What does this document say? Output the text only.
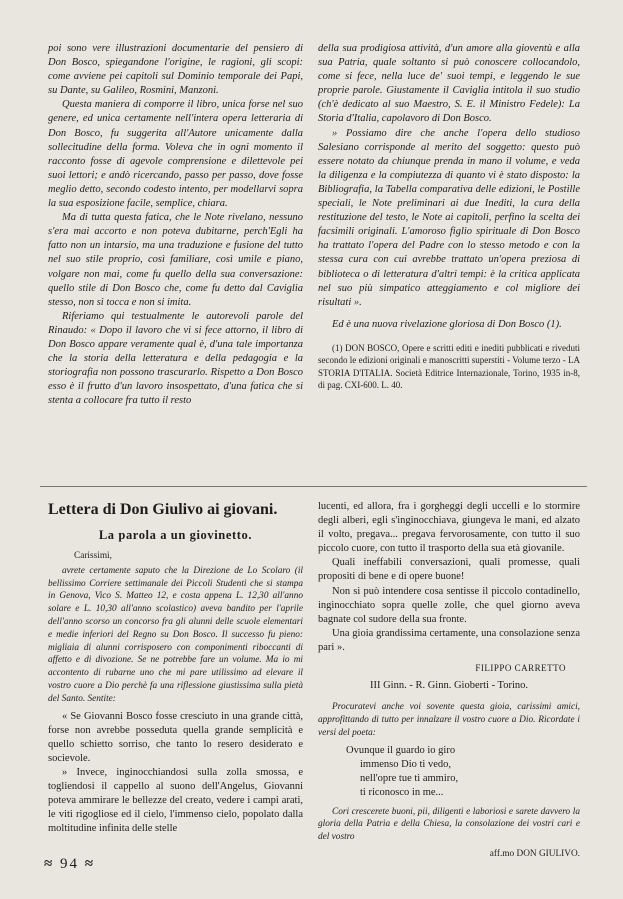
poi sono vere illustrazioni documentarie del pensiero di Don Bosco, spiegandone l'origine, le ragioni, gli scopi: come avviene pei capitoli sul Dominio temporale dei Papi, su Dante, su Galileo, Rosmini, Manzoni.

Questa maniera di comporre il libro, unica forse nel suo genere, ed unica certamente nell'intera opera letteraria di Don Bosco, fu suggerita all'Autore unicamente dalla sollecitudine della forma. Voleva che in ogni momento il racconto fosse di agevole comprensione e dilettevole pei suoi lettori; e andò ricercando, passo per passo, dove fosse meglio detto, secondo codesto intento, per modellarvi sopra la sua esposizione facile, semplice, chiara.

Ma di tutta questa fatica, che le Note rivelano, nessuno s'era mai accorto e non poteva dubitarne, perch'Egli ha fatto non un intarsio, ma una traduzione e fusione del tutto nel suo stile proprio, così familiare, così umile e piano, volgare non mai, come fu quello della sua conversazione: quello stile di Don Bosco che, come fu detto dal Caviglia stesso, non si tocca e non si imita.

Riferiamo qui testualmente le autorevoli parole del Rinaudo: « Dopo il lavoro che vi si fece attorno, il libro di Don Bosco appare veramente qual è, d'una tale importanza che la storia della letteratura e della pedagogia e la storiografia non possono trascurarlo. Rispetto a Don Bosco esso è il frutto d'un lavoro insospettato, d'una fatica che si stenta a collocare fra tutto il resto

della sua prodigiosa attività, d'un amore alla gioventù e alla sua Patria, quale soltanto si può conoscere collocandolo, come si fece, nella luce de' suoi tempi, e leggendo le sue proprie parole. Giustamente il Caviglia intitola il suo studio (ch'è dedicato al suo Maestro, S. E. il Ministro Fedele): La Storia d'Italia, capolavoro di Don Bosco.

» Possiamo dire che anche l'opera dello studioso Salesiano corrisponde al merito del soggetto: questo può essere notato da chiunque prenda in mano il volume, e veda la diligenza e la compiutezza di quanto vi è stato disposto: la Bibliografia, la Tabella comparativa delle edizioni, le Postille speciali, le Note preliminari ai due Inediti, la cura della restituzione del testo, le Note ai capitoli, perfino la scelta dei facsimili originali. L'amoroso figlio spirituale di Don Bosco ha trattato l'opera del Padre con lo stesso metodo e con la stessa cura con cui avrebbe trattato un'opera preziosa di biblioteca o di letteratura d'altri tempi: è la critica applicata nel suo più simpatico atteggiamento e col migliore dei risultati ».

Ed è una nuova rivelazione gloriosa di Don Bosco (1).

(1) DON BOSCO, Opere e scritti editi e inediti pubblicati e riveduti secondo le edizioni originali e manoscritti superstiti - Volume terzo - LA STORIA D'ITALIA. Società Editrice Internazionale, Torino, 1935 in-8, di pag. CXI-600. L. 40.

Lettera di Don Giulivo ai giovani.
La parola a un giovinetto.

Carissimi,

avrete certamente saputo che la Direzione de Lo Scolaro (il bellissimo Corriere settimanale dei Piccoli Studenti che si stampa in Genova, Vico S. Matteo 12, e costa appena L. 12,30 all'anno solare e L. 10,30 all'anno scolastico) aveva bandito per l'aprile dell'anno scorso un concorso fra gli alunni delle scuole elementari e medie inferiori del Regno su Don Bosco. Il successo fu pieno: migliaia di alunni corrisposero con componimenti riboccanti di affetto e di divozione. Se ne potrebbe fare un volume. Ma io mi accontento di rubarne uno che mi pare utilissimo ad elevare il vostro cuore a Dio perchè fa una riflessione giustissima sulla pietà del Santo. Sentite:

« Se Giovanni Bosco fosse cresciuto in una grande città, forse non avrebbe posseduta quella grande semplicità e quello schietto sorriso, che tanto lo resero desiderato e socievole.

» Invece, inginocchiandosi sulla zolla smossa, e togliendosi il cappello al suono dell'Angelus, Giovanni poteva ammirare le bellezze del creato, vedere i campi arati, le viti rigogliose ed il cielo, l'immenso cielo, popolato dalla moltitudine infinita delle stelle

lucenti, ed allora, fra i gorgheggi degli uccelli e lo stormire degli alberi, egli s'inginocchiava, giungeva le mani, ed alzato il volto, pregava... pregava fervorosamente, con tutto il suo piccolo cuore, con tutto il trasporto della sua età giovanile.

Quali ineffabili conversazioni, quali promesse, quali propositi di bene e di opere buone!

Non si può intendere cosa sentisse il piccolo contadinello, inginocchiato sopra quelle zolle, che quel giorno aveva bagnate col sudore della sua fronte.

Una gioia grandissima certamente, una consolazione senza pari ».

FILIPPO CARRETTO

III Ginn. - R. Ginn. Gioberti - Torino.

Procuratevi anche voi sovente questa gioia, carissimi amici, approfittando di tutto per innalzare il vostro cuore a Dio. Ricordate i versi del poeta:

Ovunque il guardo io giro
immenso Dio ti vedo,
nell'opre tue ti ammiro,
ti riconosco in me...

Cori crescerete buoni, pii, diligenti e laboriosi e sarete davvero la gloria della Patria e della Chiesa, la consolazione dei vostri cari e del vostro

aff.mo DON GIULIVO.

≈ 94 ≈
